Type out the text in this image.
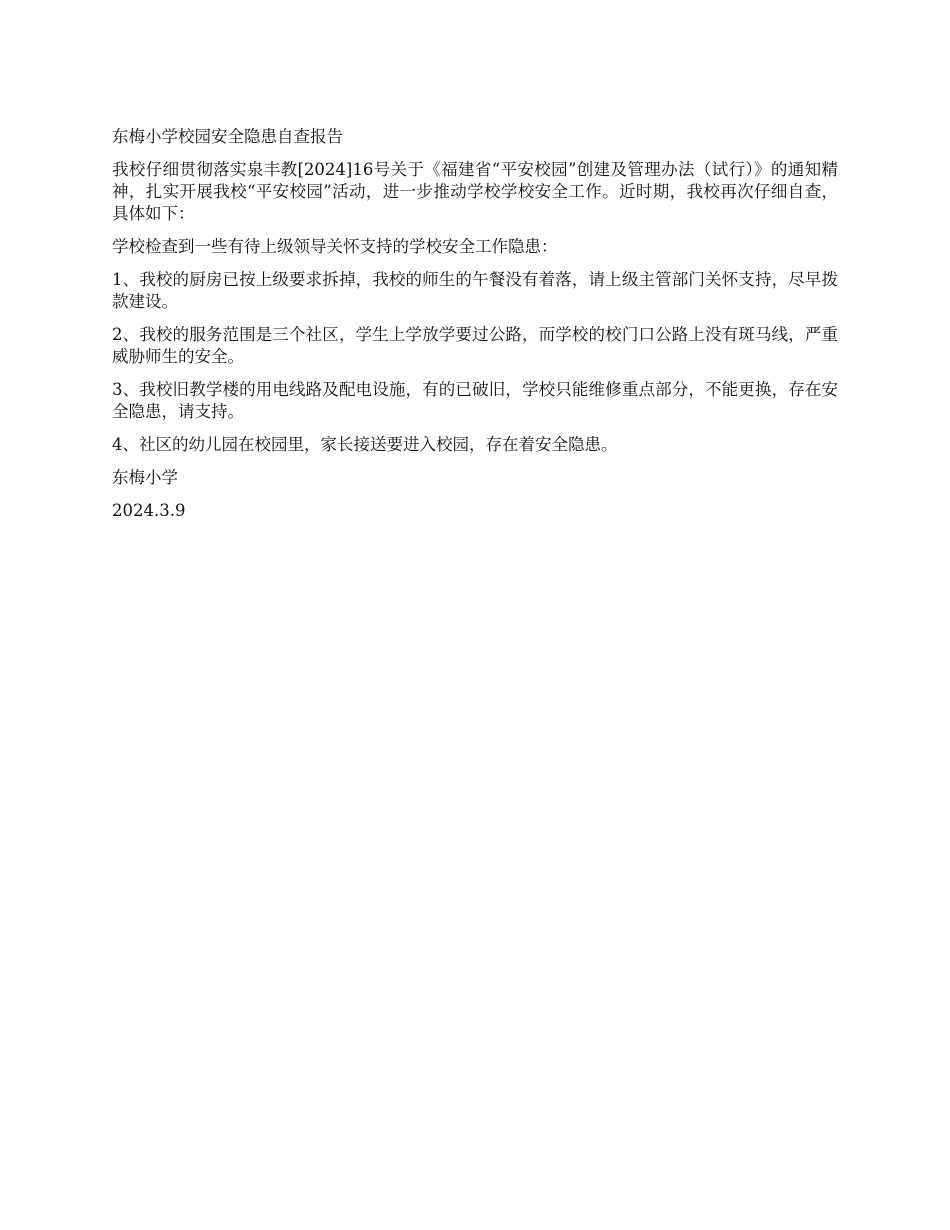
东梅小学校园安全隐患自查报告

我校仔细贯彻落实泉丰教[2024]16号关于《福建省“平安校园”创建及管理办法（试行）》的通知精神，扎实开展我校“平安校园”活动，进一步推动学校学校安全工作。近时期，我校再次仔细自查，具体如下：

学校检查到一些有待上级领导关怀支持的学校安全工作隐患：

1、我校的厨房已按上级要求拆掉，我校的师生的午餐没有着落，请上级主管部门关怀支持，尽早拨款建设。

2、我校的服务范围是三个社区，学生上学放学要过公路，而学校的校门口公路上没有斑马线，严重威胁师生的安全。

3、我校旧教学楼的用电线路及配电设施，有的已破旧，学校只能维修重点部分，不能更换，存在安全隐患，请支持。

4、社区的幼儿园在校园里，家长接送要进入校园，存在着安全隐患。

东梅小学

2024.3.9
